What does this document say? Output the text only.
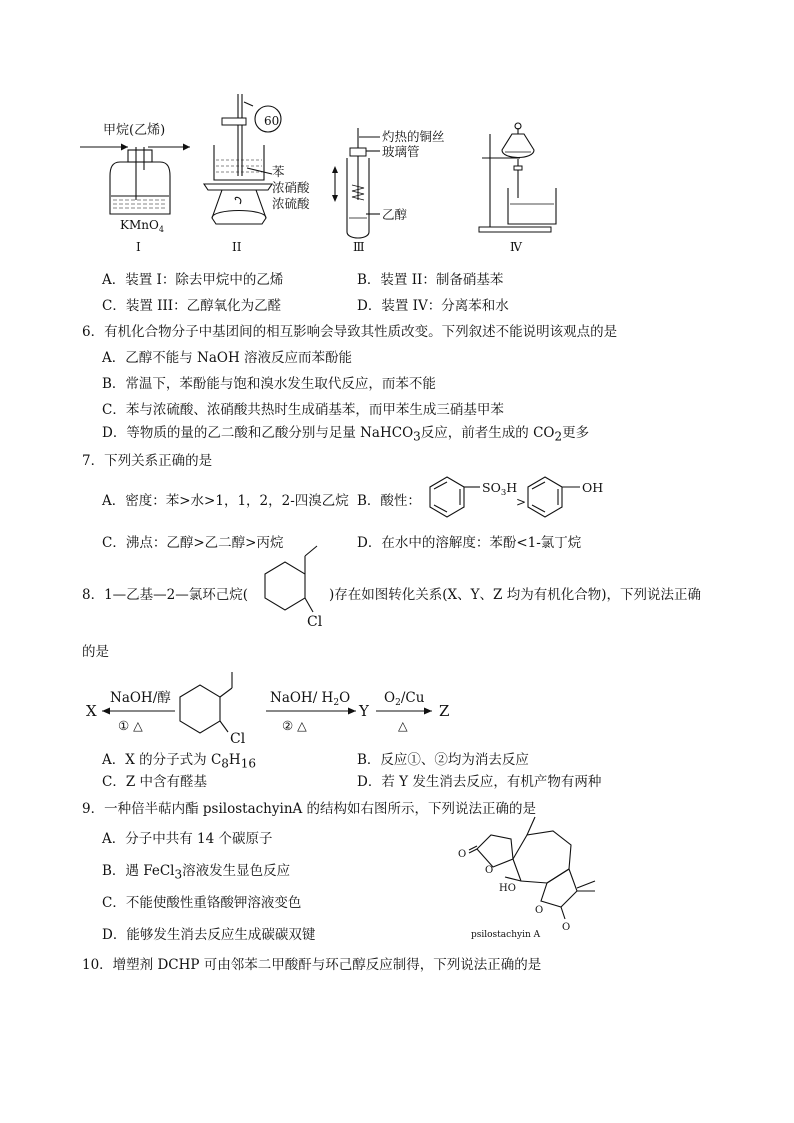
甲烷(乙烯)
KMnO$_4$
I
60
苯
浓硝酸
浓硫酸
II
灼热的铜丝
玻璃管
乙醇
Ⅲ	Ⅳ
A．装置 I：除去甲烷中的乙烯	B．装置 II：制备硝基苯
C．装置 III：乙醇氧化为乙醛	D．装置 IV：分离苯和水
6．有机化合物分子中基团间的相互影响会导致其性质改变。下列叙述不能说明该观点的是
A．乙醇不能与 NaOH 溶液反应而苯酚能
B．常温下，苯酚能与饱和溴水发生取代反应，而苯不能
C．苯与浓硫酸、浓硝酸共热时生成硝基苯，而甲苯生成三硝基甲苯
D．等物质的量的乙二酸和乙酸分别与足量 NaHCO$_3$反应，前者生成的 $CO_2$更多
7．下列关系正确的是
A．密度：苯>水>1，1，2，2-四溴乙烷 B．酸性：
$SO_3H$
>
OH
C．沸点：乙醇>乙二醇>丙烷	D．在水中的溶解度：苯酚<1-氯丁烷
8．1—乙基—2—氯环己烷(
Cl
)存在如图转化关系(X、Y、Z 均为有机化合物)，下列说法正确
的是
X
NaOH/醇
① △
Cl
NaOH/ $H_2O$
② △
Y
$O_2/Cu$
△
Z
A．X 的分子式为 $C_8H_{16}$	B．反应①、②均为消去反应
C．Z 中含有醛基	D．若 Y 发生消去反应，有机产物有两种
9．一种倍半萜内酯 psilostachyinA 的结构如右图所示，下列说法正确的是
A．分子中共有 14 个碳原子
B．遇 FeCl$_3$溶液发生显色反应
C．不能使酸性重铬酸钾溶液变色
D．能够发生消去反应生成碳碳双键
O
O
HO
O
O
psilostachyin A
10．增塑剂 DCHP 可由邻苯二甲酸酐与环己醇反应制得，下列说法正确的是
